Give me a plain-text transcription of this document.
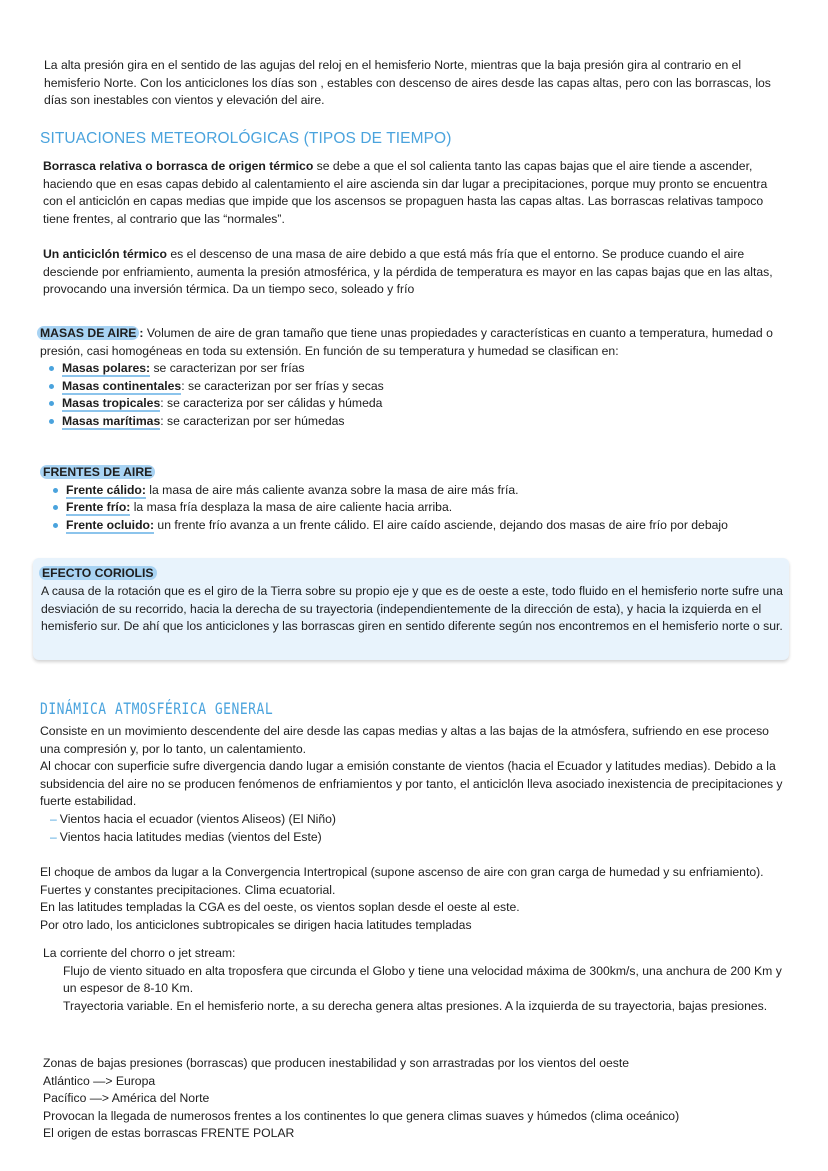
La alta presión gira en el sentido de las agujas del reloj en el hemisferio Norte, mientras que la baja presión gira al contrario en el hemisferio Norte. Con los anticiclones los días son , estables con descenso de aires desde las capas altas, pero con las borrascas, los días son inestables con vientos y elevación del aire.

SITUACIONES METEOROLÓGICAS (TIPOS DE TIEMPO)

Borrasca relativa o borrasca de origen térmico se debe a que el sol calienta tanto las capas bajas que el aire tiende a ascender, haciendo que en esas capas debido al calentamiento el aire ascienda sin dar lugar a precipitaciones, porque muy pronto se encuentra con el anticiclón en capas medias que impide que los ascensos se propaguen hasta las capas altas. Las borrascas relativas tampoco tiene frentes, al contrario que las “normales”.

Un anticiclón térmico es el descenso de una masa de aire debido a que está más fría que el entorno. Se produce cuando el aire desciende por enfriamiento, aumenta la presión atmosférica, y la pérdida de temperatura es mayor en las capas bajas que en las altas, provocando una inversión térmica. Da un tiempo seco, soleado y frío

MASAS DE AIRE : Volumen de aire de gran tamaño que tiene unas propiedades y características en cuanto a temperatura, humedad o presión, casi homogéneas en toda su extensión. En función de su temperatura y humedad se clasifican en:

Masas polares: se caracterizan por ser frías
Masas continentales: se caracterizan por ser frías y secas
Masas tropicales: se caracteriza por ser cálidas y húmeda
Masas marítimas: se caracterizan por ser húmedas

FRENTES DE AIRE

Frente cálido: la masa de aire más caliente avanza sobre la masa de aire más fría.
Frente frío: la masa fría desplaza la masa de aire caliente hacia arriba.
Frente ocluido: un frente frío avanza a un frente cálido. El aire caído asciende, dejando dos masas de aire frío por debajo
EFECTO CORIOLIS

A causa de la rotación que es el giro de la Tierra sobre su propio eje y que es de oeste a este, todo fluido en el hemisferio norte sufre una desviación de su recorrido, hacia la derecha de su trayectoria (independientemente de la dirección de esta), y hacia la izquierda en el hemisferio sur. De ahí que los anticiclones y las borrascas giren en sentido diferente según nos encontremos en el hemisferio norte o sur.

DINÁMICA ATMOSFÉRICA GENERAL

Consiste en un movimiento descendente del aire desde las capas medias y altas a las bajas de la atmósfera, sufriendo en ese proceso una compresión y, por lo tanto, un calentamiento.

Al chocar con superficie sufre divergencia dando lugar a emisión constante de vientos (hacia el Ecuador y latitudes medias). Debido a la subsidencia del aire no se producen fenómenos de enfriamientos y por tanto, el anticiclón lleva asociado inexistencia de precipitaciones y fuerte estabilidad.

– Vientos hacia el ecuador (vientos Aliseos) (El Niño)

– Vientos hacia latitudes medias (vientos del Este)

El choque de ambos da lugar a la Convergencia Intertropical (supone ascenso de aire con gran carga de humedad y su enfriamiento). Fuertes y constantes precipitaciones. Clima ecuatorial.

En las latitudes templadas la CGA es del oeste, os vientos soplan desde el oeste al este.

Por otro lado, los anticiclones subtropicales se dirigen hacia latitudes templadas

La corriente del chorro o jet stream:

Flujo de viento situado en alta troposfera que circunda el Globo y tiene una velocidad máxima de 300km/s, una anchura de 200 Km y un espesor de 8-10 Km.

Trayectoria variable. En el hemisferio norte, a su derecha genera altas presiones. A la izquierda de su trayectoria, bajas presiones.

Zonas de bajas presiones (borrascas) que producen inestabilidad y son arrastradas por los vientos del oeste

Atlántico —> Europa

Pacífico —> América del Norte

Provocan la llegada de numerosos frentes a los continentes lo que genera climas suaves y húmedos (clima oceánico)

El origen de estas borrascas FRENTE POLAR
